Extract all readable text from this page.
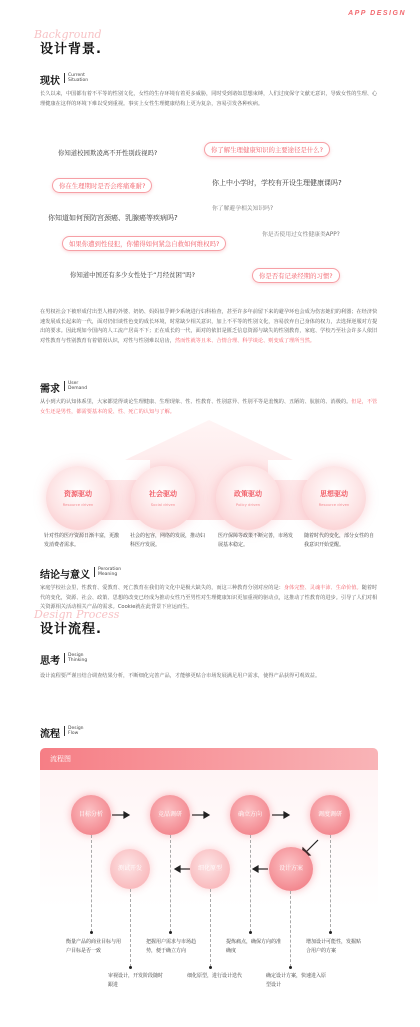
APP DESIGN
Background
设计背景.
现状
Current
Situation
长久以来，中国都有着不平等的性别文化，女性的生存环境有着更多威胁，同时受到诸如思想束缚，人们过度保守文献无意识，导致女性的生理、心理健康在这样的环境下难以受到重视。事实上女性生理健康结构上更为复杂，容易引发各种疾病。
你知道校园欺凌离不开性别歧视吗?	你了解生理健康知识的主要途径是什么?
你在生理期时是否会疼痛难耐?	你上中小学时，学校有开设生理健康课吗?
你了解避孕相关知识吗?
你知道如何预防宫颈癌、乳腺癌等疾病吗?
你是否使用过女性健康类APP?
如果你遭到性侵犯，你懂得如何紧急自救如何维权吗?
你知道中国还有多少女性处于“月经贫困”吗?	你是否有记录经期的习惯?
在男权社会下被形成付出型人格的外婆、奶奶、妈妈似乎鲜少系统进行妇科检查，甚至许多年前留下来的避孕环也会成为伤害她们的利器；在经济快速发展成长起来的一代，面对仍旧谈性色变的成长环境，时常缺少相关意识，加上不平等的性别文化，容易放弃自己身体的权力，去选择逆服对方提出的要求。因此现如今国内的人工流产居高不下；正在成长的一代，面对的依旧是匮乏信息资源与缺失的性别教育，家庭、学校乃至社会许多人依旧对性教育与性别教育有着错误认识，对性与性别难以启齿，然而性就等且米、合情合理、科学谈论、则变成了理所当然。
需求
User
Demand
从小到大的认知体系里，大家都觉得谈论生理健康、生理现象、性、性教育、性别意异、性别平等是羞愧的、丑陋的、肮脏的、消极的。但是，不管女生还是男性，都需要基本的爱、性、死亡的认知与了解。
资源驱动
Resource driven
社会驱动
Social driven
政策驱动
Policy driven
思想驱动
Resource driven
针对性的医疗资源日渐丰富，更激发消费者需求。
社会的包容，网络的发展，推动妇科医疗发展。
医疗保障等政策不断完善，市场发展基本稳定。
随着时代的变化，部分女性的自我意识开始觉醒。
结论与意义
Peroration
Meaning
家庭学校社会里，性教育、爱教育、死亡教育在我们的文化中是极大缺失的，而这三种教育分别对应的是：身体完整、灵魂丰沛、生命价值。随着时代的变化，资源、社会、政策、思想的改变已经成为推动女性乃至男性对生理健康知识更加重视的驱动点，这推动了性教育的进步。引导了人们对相关资源相关活动相关产品的需求。Cookie就在此背景下应运而生。
Design Process
设计流程.
思考
Design
Thinking
设计流程要严谨且结合调查结果分析，不断细化完善产品，才能够更贴合市场发展满足用户需求，使得产品获得可观效益。
流程
Design
Flow
流程图
目标分析	竞品调研	确立方向	调度调研
设计方案
细化原型
测试开发
衡量产品的商业目标与用户目标是否一致
审视设计，开发阶段随时跟进
把握用户需求与市场趋势，便于确立方向
细化原型，进行设计迭代
提炼痛点，确保方向的准确度
确定设计方案，快速进入原型设计
增加设计可能性，发掘贴合用户的方案
